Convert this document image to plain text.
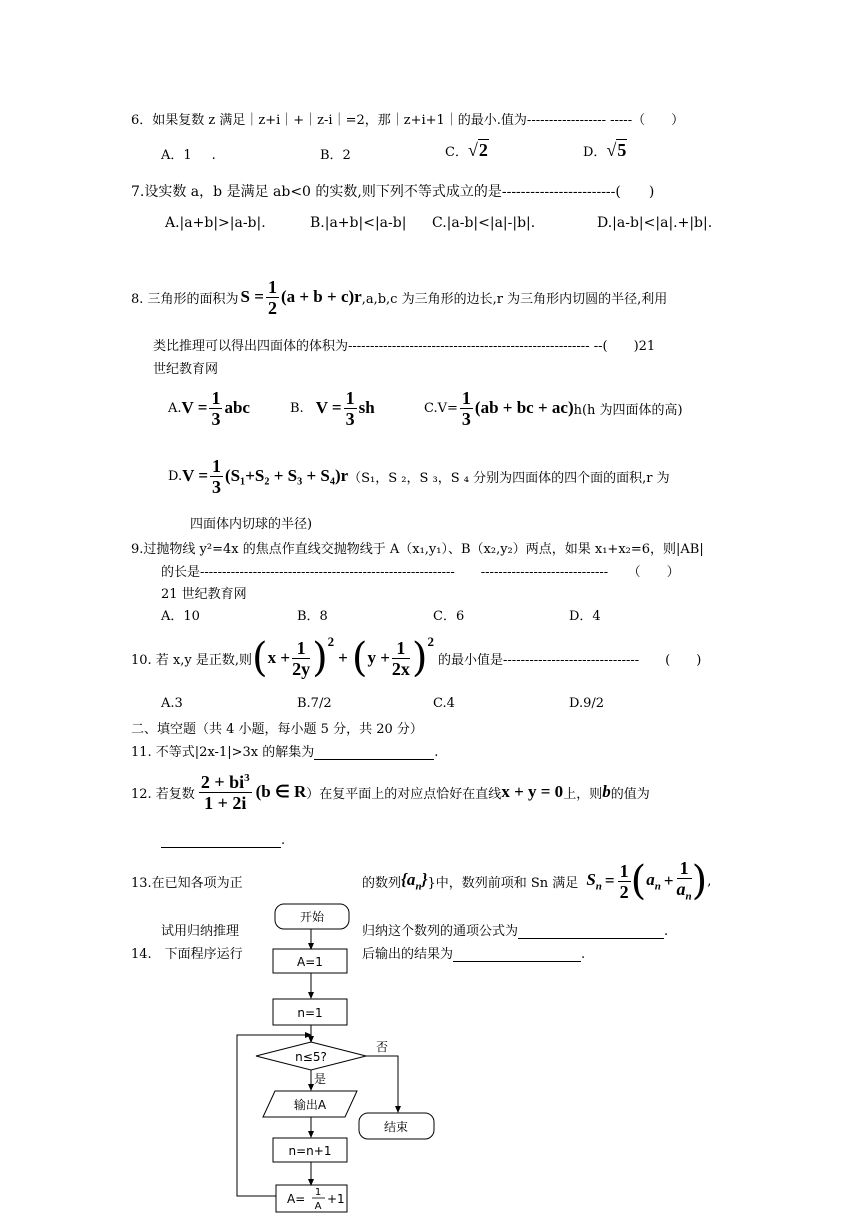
6．如果复数 z 满足｜z+i｜+｜z-i｜=2，那｜z+i+1｜的最小.值为------------------ -----（　　）
A．1 .	B．2	C．√2	D．√5
7.设实数 a，b 是满足 ab<0 的实数,则下列不等式成立的是------------------------(　　)
A.|a+b|>|a-b|.	B.|a+b|<|a-b| C.|a-b|<|a|-|b|.	D.|a-b|<|a|.+|b|.
8. 三角形的面积为 $S = \frac{1}{2} (a + b + c)r$ ,a,b,c 为三角形的边长,r 为三角形内切圆的半径,利用
类比推理可以得出四面体的体积为------------------------------------------------------- --(　　)21
世纪教育网
A. $V = \frac{1}{3}$ abc	B. $V = \frac{1}{3}$ sh	$C.V= \frac{1}{3} (ab$ + bc + ac) h(h 为四面体的高)
D. $V = \frac{1}{3} (S_1+S_2 + S_3 + S_4)r$ （S₁，S ₂，S ₃，S ₄ 分别为四面体的四个面的面积,r 为
四面体内切球的半径)
9.过抛物线 y²=4x 的焦点作直线交抛物线于 A（x₁,y₁）、B（x₂,y₂）两点，如果 x₁+x₂=6，则|AB|
的长是----------------------------------------------------------　　-----------------------------　　（　　）
21 世纪教育网
A．10	B．8	C．6	D．4
10. 若 x,y 是正数,则 ( $x + \frac{1}{2y}$ ) 2
+ ( $y + \frac{1}{2x}$ ) 2
的最小值是-------------------------------　　(　　)
A.3	B.7/2	C.4	D.9/2
二、填空题（共 4 小题，每小题 5 分，共 20 分）
11. 不等式|2x-1|>3x 的解集为	.
12. 若复数 $\frac{2 + bi^3}{1 + 2i} (b$ ∈ R ）在复平面上的对应点恰好在直线 x + y = 0 上，则 b 的值为
.
13.在已知各项为正	的数列 $\{a_n\}$ }中，数列前项和 Sn 满足 $S_n = \frac{1}{2}$ ( $a_n + \frac{1}{a_n}$ ) ,
试用归纳推理	归纳这个数列的通项公式为	.
14.　下面程序运行	后输出的结果为	.
开始
A=1
n=1
n≤5?
否
是
输出A
结束
n=n+1
A= 1
A
+1
